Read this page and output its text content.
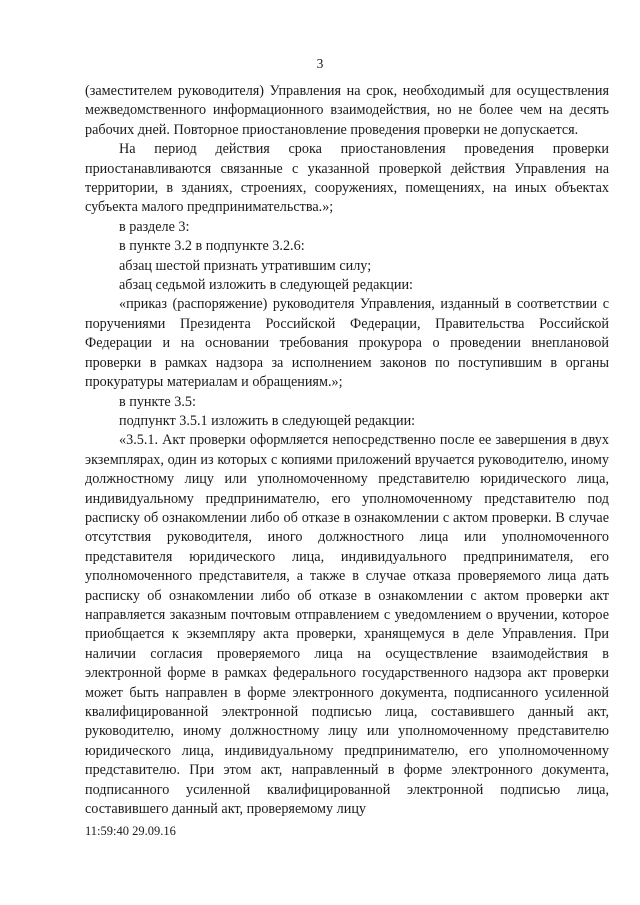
3

(заместителем руководителя) Управления на срок, необходимый для осуществления межведомственного информационного взаимодействия, но не более чем на десять рабочих дней. Повторное приостановление проведения проверки не допускается.

На период действия срока приостановления проведения проверки приостанавливаются связанные с указанной проверкой действия Управления на территории, в зданиях, строениях, сооружениях, помещениях, на иных объектах субъекта малого предпринимательства.»;

в разделе 3:

в пункте 3.2 в подпункте 3.2.6:

абзац шестой признать утратившим силу;

абзац седьмой изложить в следующей редакции:

«приказ (распоряжение) руководителя Управления, изданный в соответствии с поручениями Президента Российской Федерации, Правительства Российской Федерации и на основании требования прокурора о проведении внеплановой проверки в рамках надзора за исполнением законов по поступившим в органы прокуратуры материалам и обращениям.»;

в пункте 3.5:

подпункт 3.5.1 изложить в следующей редакции:

«3.5.1. Акт проверки оформляется непосредственно после ее завершения в двух экземплярах, один из которых с копиями приложений вручается руководителю, иному должностному лицу или уполномоченному представителю юридического лица, индивидуальному предпринимателю, его уполномоченному представителю под расписку об ознакомлении либо об отказе в ознакомлении с актом проверки. В случае отсутствия руководителя, иного должностного лица или уполномоченного представителя юридического лица, индивидуального предпринимателя, его уполномоченного представителя, а также в случае отказа проверяемого лица дать расписку об ознакомлении либо об отказе в ознакомлении с актом проверки акт направляется заказным почтовым отправлением с уведомлением о вручении, которое приобщается к экземпляру акта проверки, хранящемуся в деле Управления. При наличии согласия проверяемого лица на осуществление взаимодействия в электронной форме в рамках федерального государственного надзора акт проверки может быть направлен в форме электронного документа, подписанного усиленной квалифицированной электронной подписью лица, составившего данный акт, руководителю, иному должностному лицу или уполномоченному представителю юридического лица, индивидуальному предпринимателю, его уполномоченному представителю. При этом акт, направленный в форме электронного документа, подписанного усиленной квалифицированной электронной подписью лица, составившего данный акт, проверяемому лицу

11:59:40 29.09.16
